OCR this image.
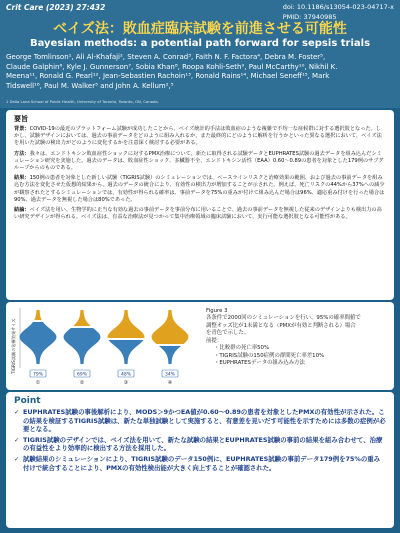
Crit Care (2023) 27:432	doi: 10.1186/s13054-023-04717-x
PMID: 37940985
ベイズ法：敗血症臨床試験を前進させる可能性
Bayesian methods: a potential path forward for sepsis trials
George Tomlinson¹, Ali Al-Khafaji², Steven A. Conrad³, Faith N. F. Factora⁴, Debra M. Foster⁵,
Claude Galphin⁶, Kyle J. Gunnerson⁷, Sobia Khan⁸, Roopa Kohli-Seth⁹, Paul McCarthy¹⁰, Nikhil K.
Meena¹¹, Ronald G. Pearl¹², Jean-Sebastien Rachoin¹³, Ronald Rains¹⁴, Michael Seneff¹⁵, Mark
Tidswell¹⁶, Paul M. Walker⁵ and John A. Kellum²,⁵
1 Dalla Lana School of Public Health, University of Toronto, Toronto, ON, Canada.
要旨
背景：COVID-19の最近のプラットフォーム試験が成功したことから、ベイズ統計的手法は敗血症のような複雑で不均一な症候群に対する選択肢となった。しかし、試験デザインにおいては、過去の事前データをどのように組み入れるか、また最終的にどのように解析を行うかといった異なる選択において、ベイズ法を用いた試験の検出力がどのように変化するかを注意深く検討する必要がある。
方法：我々は、エンドトキシン敗血症性ショックに対するPMX治療について、新たに取得される試験データとEUPHRATES試験の過去データを組み込んだシミュレーション研究を実施した。過去のデータは、敗血症性ショック、多臓器不全、エンドトキシン活性（EAA）0.60〜0.89の患者を対象とした179例のサブグループからのものである。
結果：150例の患者を対象とした新しい試験（TIGRIS試験）のシミュレーションでは、ベースラインリスクと治療効果の範囲、および過去の事前データを組み込む方法を変化させた仮想的結果から、過去のデータの統合により、有効性の検出力が増加することが示された。例えば、死亡リスクの44%から37%への減少が観察されたとするシミュレーションでは、有効性が得られる確率は、事前データを75%の重みが付けて組み込んだ場合は96%、適応重み付けを行った場合は90%、過去データを無視した場合は80%であった。
結論：ベイズ法を用い、生物学的に正当な有効な過去の事前データを事前分布に用いることで、過去の事前データを無視した従来のデザインよりも検出力の高い研究デザインが得られる。ベイズ法は、有益な治療法が見つかって集中治療領域の臨床試験において、実行可能な選択肢となる可能性がある。
TIGRIS試験の治療効果サイズ
79%
①
69%
②
48%
③
34%
④
Figure 3
各条件で2000回のシミュレーションを行い、95%の確率間値で
調整オッズ比が1未満となる（PMXが有効と判断される）場合
を青色で示した。
前提：
・比較群の死亡率50%
・TIGRIS試験の150症例の群間死亡率差10%
・EUPHRATESデータの組み込み方法
Point
✓ EUPHRATES試験の事後解析により、MODS＞9かつEA値が0.60〜0.89の患者を対象としたPMXの有効性が示された。この結果を検証するTIGRIS試験は、新たな単独試験として実施すると、有意差を見いだす可能性を示すためには多数の症例が必要となる。
✓ TIGRIS試験のデザインでは、ベイズ法を用いて、新たな試験の結果とEUPHRATES試験の事前の結果を組み合わせて、治療の有益性をより効率的に検出する方法を採用した。
✓ 試験結果のシミュレーションにより、TIGRIS試験のデータ150例に、EUPHRATES試験の事前データ179例を75%の重み付けで統合することにより、PMXの有効性検出能が大きく向上することが確認された。
